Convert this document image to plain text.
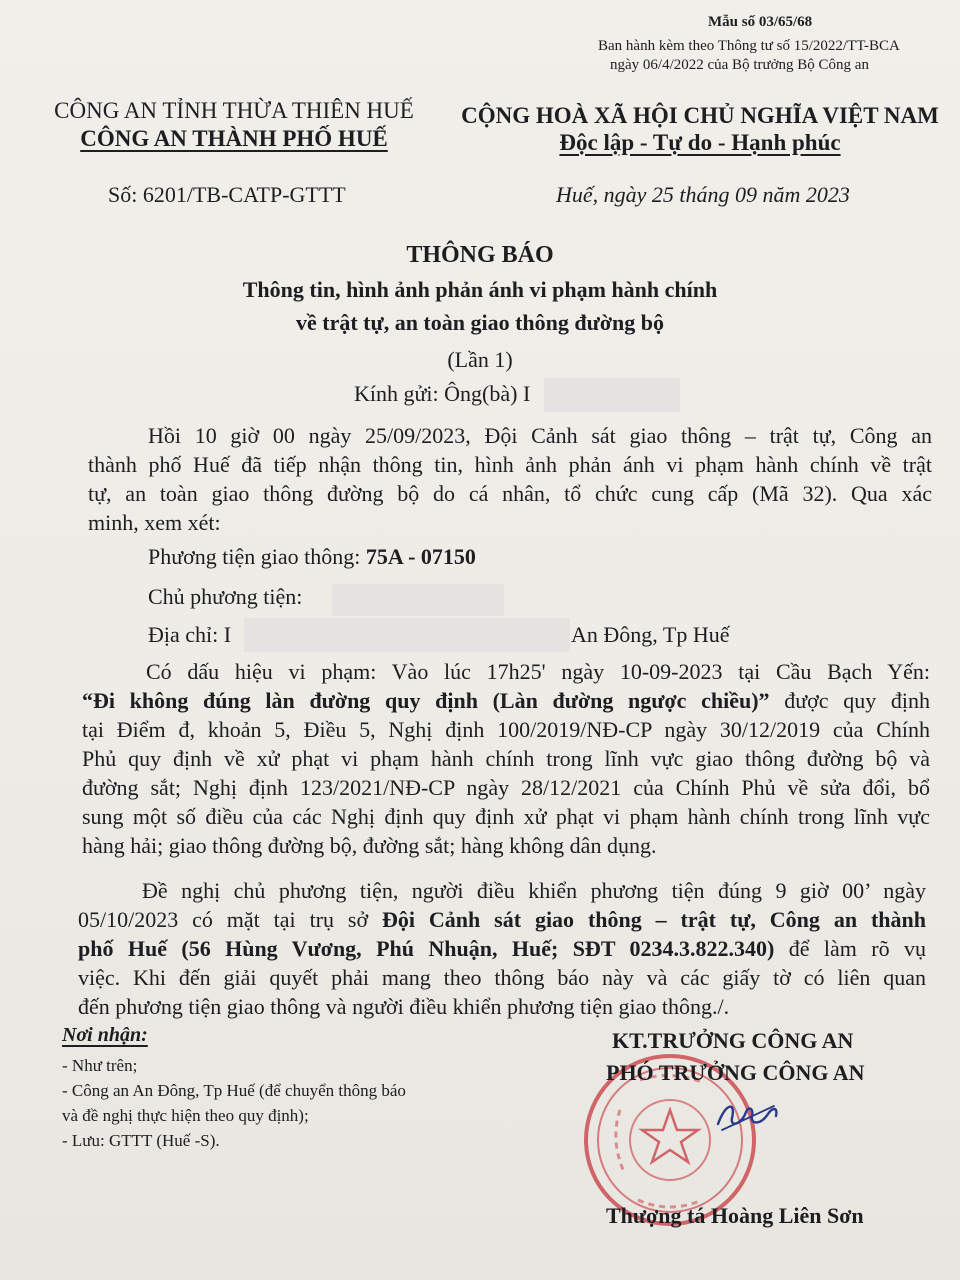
Mẫu số 03/65/68
Ban hành kèm theo Thông tư số 15/2022/TT-BCA
ngày 06/4/2022 của Bộ trưởng Bộ Công an
CÔNG AN TỈNH THỪA THIÊN HUẾ
CÔNG AN THÀNH PHỐ HUẾ
CỘNG HOÀ XÃ HỘI CHỦ NGHĨA VIỆT NAM
Độc lập - Tự do - Hạnh phúc
Số: 6201/TB-CATP-GTTT	Huế, ngày 25 tháng 09 năm 2023
THÔNG BÁO
Thông tin, hình ảnh phản ánh vi phạm hành chính
về trật tự, an toàn giao thông đường bộ
(Lần 1)
Kính gửi: Ông(bà) I
Hồi 10 giờ 00 ngày 25/09/2023, Đội Cảnh sát giao thông – trật tự, Công an
thành phố Huế đã tiếp nhận thông tin, hình ảnh phản ánh vi phạm hành chính về trật
tự, an toàn giao thông đường bộ do cá nhân, tổ chức cung cấp (Mã 32). Qua xác
minh, xem xét:
Phương tiện giao thông: 75A - 07150
Chủ phương tiện:
Địa chỉ: I	An Đông, Tp Huế
Có dấu hiệu vi phạm: Vào lúc 17h25' ngày 10-09-2023 tại Cầu Bạch Yến:
“Đi không đúng làn đường quy định (Làn đường ngược chiều)” được quy định
tại Điểm đ, khoản 5, Điều 5, Nghị định 100/2019/NĐ-CP ngày 30/12/2019 của Chính
Phủ quy định về xử phạt vi phạm hành chính trong lĩnh vực giao thông đường bộ và
đường sắt; Nghị định 123/2021/NĐ-CP ngày 28/12/2021 của Chính Phủ về sửa đổi, bổ
sung một số điều của các Nghị định quy định xử phạt vi phạm hành chính trong lĩnh vực
hàng hải; giao thông đường bộ, đường sắt; hàng không dân dụng.
Đề nghị chủ phương tiện, người điều khiển phương tiện đúng 9 giờ 00’ ngày
05/10/2023 có mặt tại trụ sở Đội Cảnh sát giao thông – trật tự, Công an thành
phố Huế (56 Hùng Vương, Phú Nhuận, Huế; SĐT 0234.3.822.340) để làm rõ vụ
việc. Khi đến giải quyết phải mang theo thông báo này và các giấy tờ có liên quan
đến phương tiện giao thông và người điều khiển phương tiện giao thông./.
Nơi nhận:
- Như trên;
- Công an An Đông, Tp Huế (để chuyển thông báo
và đề nghị thực hiện theo quy định);
- Lưu: GTTT (Huế -S).
KT.TRƯỞNG CÔNG AN
PHÓ TRƯỞNG CÔNG AN
Thượng tá Hoàng Liên Sơn
